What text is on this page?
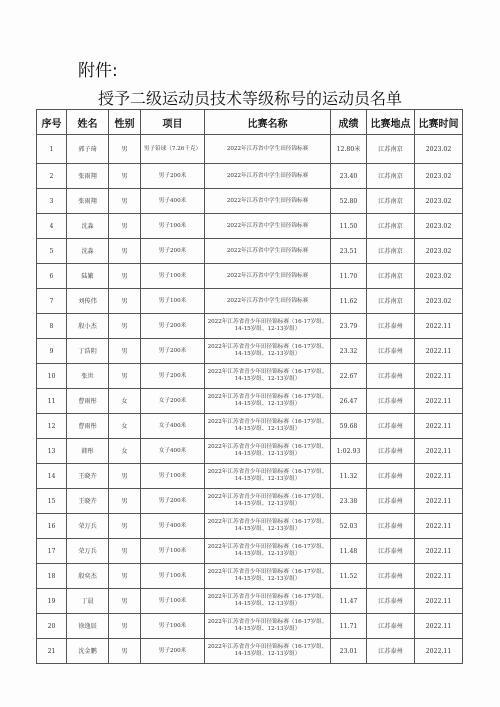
附件:
授予二级运动员技术等级称号的运动员名单
序号	姓名	性别	项目	比赛名称	成绩	比赛地点	比赛时间
1	郭子琦	男	男子铅球（7.26千克）	2022年江苏省中学生田径锦标赛	12.80米	江苏南京	2023.02
2	张雨翔	男	男子200米	2022年江苏省中学生田径锦标赛	23.40	江苏南京	2023.02
3	张雨翔	男	男子400米	2022年江苏省中学生田径锦标赛	52.80	江苏南京	2023.02
4	沈淼	男	男子100米	2022年江苏省中学生田径锦标赛	11.50	江苏南京	2023.02
5	沈淼	男	男子200米	2022年江苏省中学生田径锦标赛	23.51	江苏南京	2023.02
6	陆繁	男	男子100米	2022年江苏省中学生田径锦标赛	11.70	江苏南京	2023.02
7	刘传伟	男	男子100米	2022年江苏省中学生田径锦标赛	11.62	江苏南京	2023.02
8	殷小杰	男	男子200米	2022年江苏省青少年田径锦标赛（16-17岁组、14-15岁组、12-13岁组）	23.79	江苏泰州	2022.11
9	丁浩阴	男	男子200米	2022年江苏省青少年田径锦标赛（16-17岁组、14-15岁组、12-13岁组）	23.32	江苏泰州	2022.11
10	张世	男	男子200米	2022年江苏省青少年田径锦标赛（16-17岁组、14-15岁组、12-13岁组）	22.67	江苏泰州	2022.11
11	曹雨彤	女	女子200米	2022年江苏省青少年田径锦标赛（16-17岁组、14-15岁组、12-13岁组）	26.47	江苏泰州	2022.11
12	曹雨彤	女	女子400米	2022年江苏省青少年田径锦标赛（16-17岁组、14-15岁组、12-13岁组）	59.68	江苏泰州	2022.11
13	韩彤	女	女子400米	2022年江苏省青少年田径锦标赛（16-17岁组、14-15岁组、12-13岁组）	1:02.93	江苏泰州	2022.11
14	王晓卉	男	男子100米	2022年江苏省青少年田径锦标赛（16-17岁组、14-15岁组、12-13岁组）	11.32	江苏泰州	2022.11
15	王晓卉	男	男子200米	2022年江苏省青少年田径锦标赛（16-17岁组、14-15岁组、12-13岁组）	23.38	江苏泰州	2022.11
16	荣万兵	男	男子400米	2022年江苏省青少年田径锦标赛（16-17岁组、14-15岁组、12-13岁组）	52.03	江苏泰州	2022.11
17	荣万兵	男	男子100米	2022年江苏省青少年田径锦标赛（16-17岁组、14-15岁组、12-13岁组）	11.48	江苏泰州	2022.11
18	殷奕杰	男	男子100米	2022年江苏省青少年田径锦标赛（16-17岁组、14-15岁组、12-13岁组）	11.52	江苏泰州	2022.11
19	丁晨	男	男子100米	2022年江苏省青少年田径锦标赛（16-17岁组、14-15岁组、12-13岁组）	11.47	江苏泰州	2022.11
20	徐逸辰	男	男子100米	2022年江苏省青少年田径锦标赛（16-17岁组、14-15岁组、12-13岁组）	11.71	江苏泰州	2022.11
21	沈金鹏	男	男子200米	2022年江苏省青少年田径锦标赛（16-17岁组、14-15岁组、12-13岁组）	23.01	江苏泰州	2022.11
